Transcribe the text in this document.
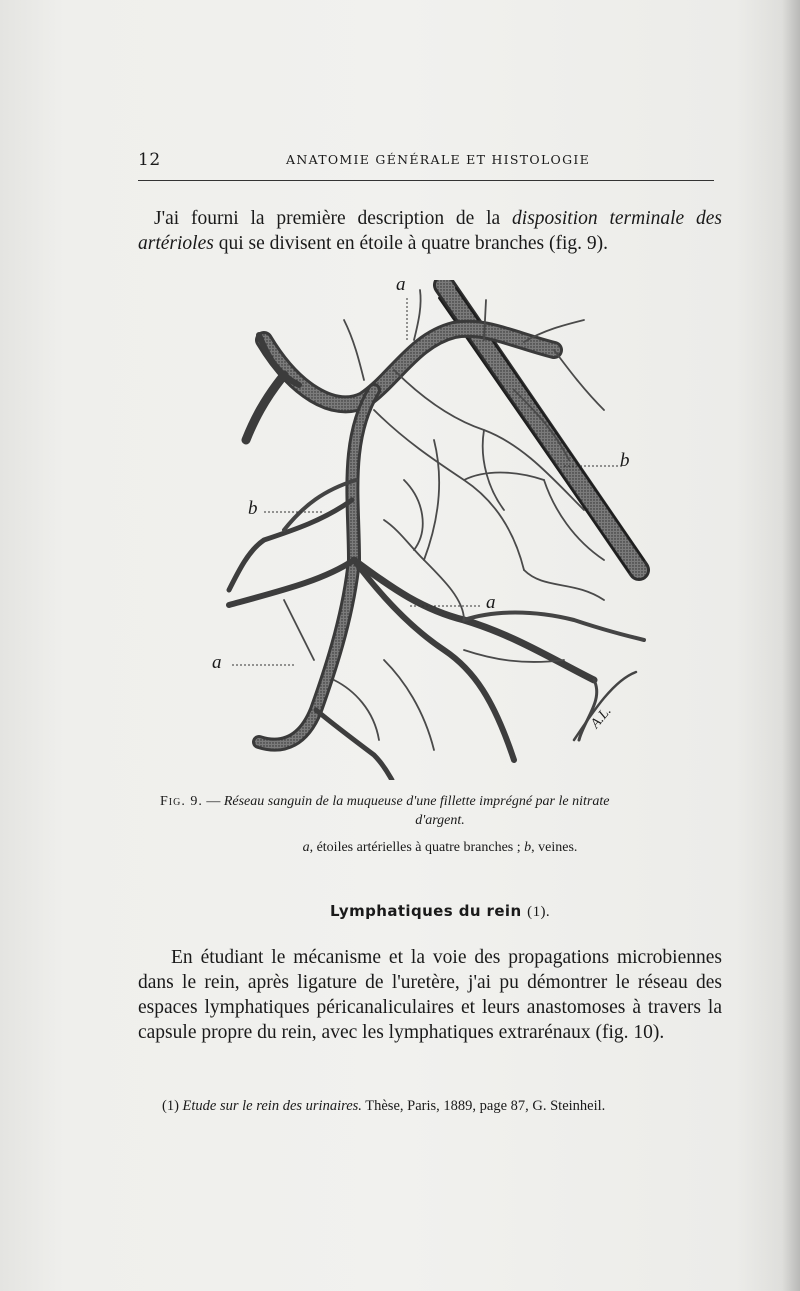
12	ANATOMIE GÉNÉRALE ET HISTOLOGIE
J'ai fourni la première description de la disposition terminale des artérioles qui se divisent en étoile à quatre branches (fig. 9).
a
b
b
a
a
A.L.
Fig. 9. — Réseau sanguin de la muqueuse d'une fillette imprégné par le nitrate
d'argent.
a, étoiles artérielles à quatre branches ; b, veines.
Lymphatiques du rein (1).
En étudiant le mécanisme et la voie des propagations microbiennes dans le rein, après ligature de l'uretère, j'ai pu démontrer le réseau des espaces lymphatiques péricanaliculaires et leurs anastomoses à travers la capsule propre du rein, avec les lymphatiques extrarénaux (fig. 10).
(1) Etude sur le rein des urinaires. Thèse, Paris, 1889, page 87, G. Steinheil.
